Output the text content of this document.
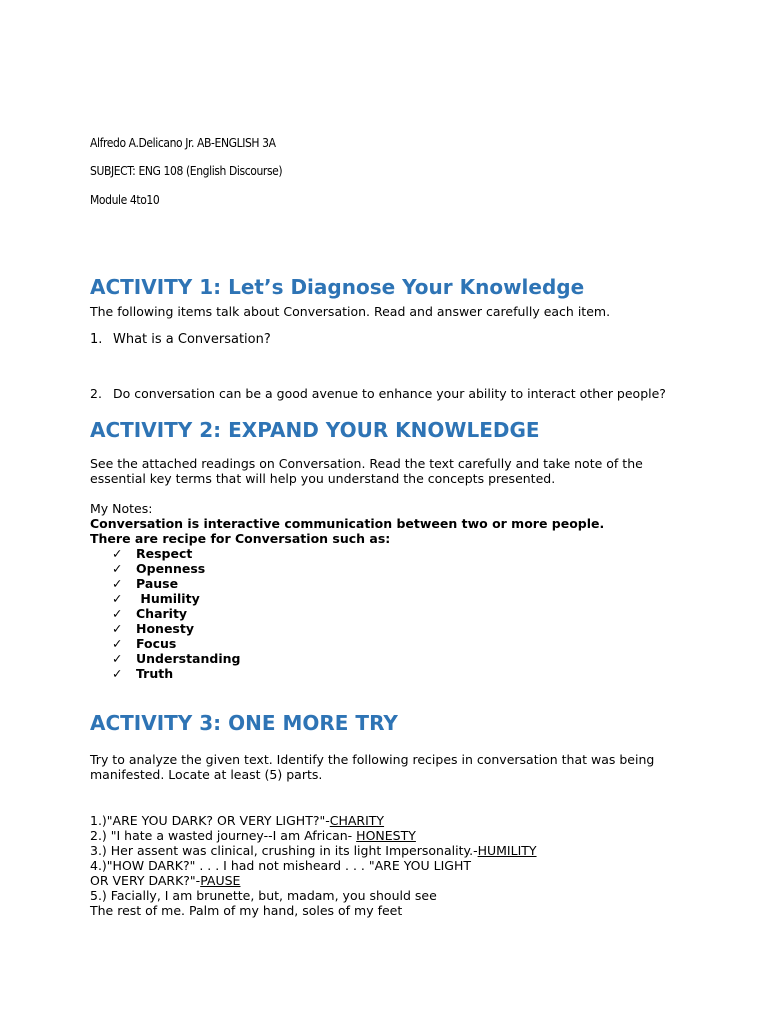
Alfredo A.Delicano Jr. AB-ENGLISH 3A
SUBJECT: ENG 108 (English Discourse)
Module 4to10
ACTIVITY 1: Let’s Diagnose Your Knowledge

The following items talk about Conversation. Read and answer carefully each item.

1. What is a Conversation?
2. Do conversation can be a good avenue to enhance your ability to interact other people?
ACTIVITY 2: EXPAND YOUR KNOWLEDGE

See the attached readings on Conversation. Read the text carefully and take note of the essential key terms that will help you understand the concepts presented.

My Notes:
Conversation is interactive communication between two or more people.
There are recipe for Conversation such as:
✓ Respect
✓ Openness
✓ Pause
✓ Humility
✓ Charity
✓ Honesty
✓ Focus
✓ Understanding
✓ Truth
ACTIVITY 3: ONE MORE TRY

Try to analyze the given text. Identify the following recipes in conversation that was being manifested. Locate at least (5) parts.

1.)"ARE YOU DARK? OR VERY LIGHT?"-CHARITY
2.) "I hate a wasted journey--I am African- HONESTY
3.) Her assent was clinical, crushing in its light Impersonality.-HUMILITY
4.)"HOW DARK?" . . . I had not misheard . . . "ARE YOU LIGHT
OR VERY DARK?"-PAUSE
5.) Facially, I am brunette, but, madam, you should see
The rest of me. Palm of my hand, soles of my feet
